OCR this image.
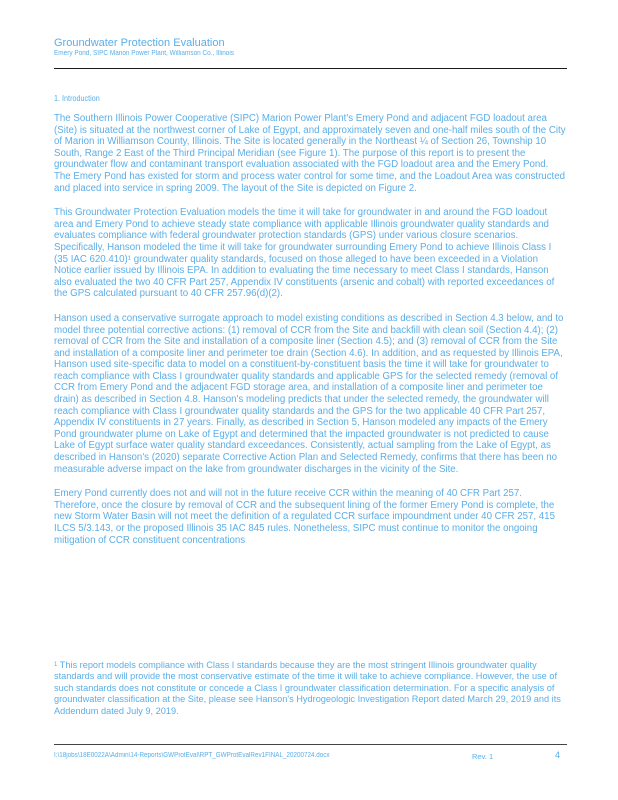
Groundwater Protection Evaluation
Emery Pond, SIPC Marion Power Plant, Williamson Co., Illinois
1. Introduction

The Southern Illinois Power Cooperative (SIPC) Marion Power Plant's Emery Pond and adjacent FGD loadout area (Site) is situated at the northwest corner of Lake of Egypt, and approximately seven and one-half miles south of the City of Marion in Williamson County, Illinois. The Site is located generally in the Northeast ¼ of Section 26, Township 10 South, Range 2 East of the Third Principal Meridian (see Figure 1). The purpose of this report is to present the groundwater flow and contaminant transport evaluation associated with the FGD loadout area and the Emery Pond. The Emery Pond has existed for storm and process water control for some time, and the Loadout Area was constructed and placed into service in spring 2009. The layout of the Site is depicted on Figure 2.

This Groundwater Protection Evaluation models the time it will take for groundwater in and around the FGD loadout area and Emery Pond to achieve steady state compliance with applicable Illinois groundwater quality standards and evaluates compliance with federal groundwater protection standards (GPS) under various closure scenarios. Specifically, Hanson modeled the time it will take for groundwater surrounding Emery Pond to achieve Illinois Class I (35 IAC 620.410)¹ groundwater quality standards, focused on those alleged to have been exceeded in a Violation Notice earlier issued by Illinois EPA. In addition to evaluating the time necessary to meet Class I standards, Hanson also evaluated the two 40 CFR Part 257, Appendix IV constituents (arsenic and cobalt) with reported exceedances of the GPS calculated pursuant to 40 CFR 257.96(d)(2).

Hanson used a conservative surrogate approach to model existing conditions as described in Section 4.3 below, and to model three potential corrective actions: (1) removal of CCR from the Site and backfill with clean soil (Section 4.4); (2) removal of CCR from the Site and installation of a composite liner (Section 4.5); and (3) removal of CCR from the Site and installation of a composite liner and perimeter toe drain (Section 4.6). In addition, and as requested by Illinois EPA, Hanson used site-specific data to model on a constituent-by-constituent basis the time it will take for groundwater to reach compliance with Class I groundwater quality standards and applicable GPS for the selected remedy (removal of CCR from Emery Pond and the adjacent FGD storage area, and installation of a composite liner and perimeter toe drain) as described in Section 4.8. Hanson's modeling predicts that under the selected remedy, the groundwater will reach compliance with Class I groundwater quality standards and the GPS for the two applicable 40 CFR Part 257, Appendix IV constituents in 27 years. Finally, as described in Section 5, Hanson modeled any impacts of the Emery Pond groundwater plume on Lake of Egypt and determined that the impacted groundwater is not predicted to cause Lake of Egypt surface water quality standard exceedances. Consistently, actual sampling from the Lake of Egypt, as described in Hanson's (2020) separate Corrective Action Plan and Selected Remedy, confirms that there has been no measurable adverse impact on the lake from groundwater discharges in the vicinity of the Site.

Emery Pond currently does not and will not in the future receive CCR within the meaning of 40 CFR Part 257. Therefore, once the closure by removal of CCR and the subsequent lining of the former Emery Pond is complete, the new Storm Water Basin will not meet the definition of a regulated CCR surface impoundment under 40 CFR 257, 415 ILCS 5/3.143, or the proposed Illinois 35 IAC 845 rules. Nonetheless, SIPC must continue to monitor the ongoing mitigation of CCR constituent concentrations

$^1$ This report models compliance with Class I standards because they are the most stringent Illinois groundwater quality standards and will provide the most conservative estimate of the time it will take to achieve compliance. However, the use of such standards does not constitute or concede a Class I groundwater classification determination. For a specific analysis of groundwater classification at the Site, please see Hanson's Hydrogeologic Investigation Report dated March 29, 2019 and its Addendum dated July 9, 2019.
I:\18jobs\18E0022A\Admin\14-Reports\GWProtEval\RPT_GWProtEvalRev1FINAL_20200724.docx	Rev. 1	4
